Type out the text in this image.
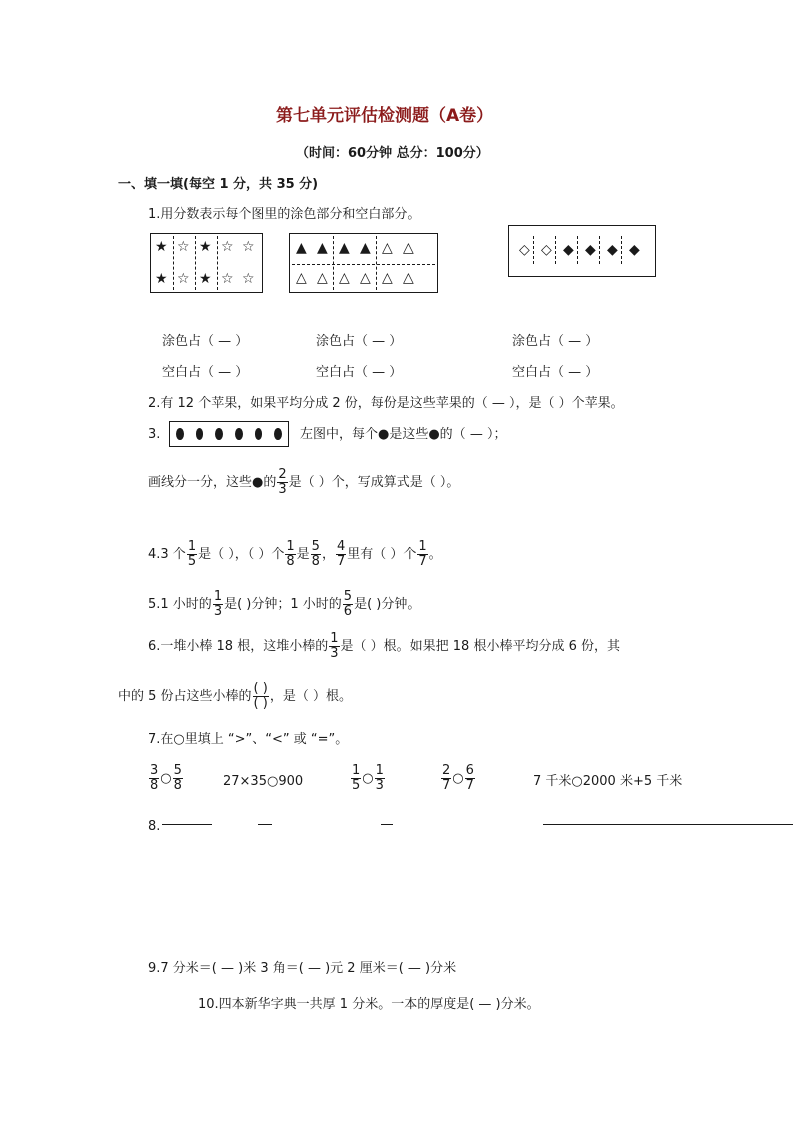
第七单元评估检测题（A卷）
（时间：60分钟 总分：100分）
一、填一填(每空 1 分，共 35 分)
1.用分数表示每个图里的涂色部分和空白部分。
★ ☆ ★ ☆ ☆
★ ☆ ★ ☆ ☆
▲ ▲ ▲ ▲ △ △
△ △ △ △ △ △
◇ ◇ ◆ ◆ ◆ ◆
涂色占（ — ）	涂色占（ — ）	涂色占（ — ）
空白占（ — ）	空白占（ — ）	空白占（ — ）
2.有 12 个苹果，如果平均分成 2 份，每份是这些苹果的（ — ），是（ ）个苹果。
3.	左图中，每个●是这些●的（ — ）；
画线分一分，这些●的 $\frac{2}{3}$ 是（ ）个，写成算式是（ ）。
4.3 个 $\frac{1}{5}$ 是（ ），（ ）个 $\frac{1}{8}$ 是 $\frac{5}{8}$ ， $\frac{4}{7}$ 里有（ ）个 $\frac{1}{7}$ 。
5.1 小时的 $\frac{1}{3}$ 是( )分钟；1 小时的 $\frac{5}{6}$ 是( )分钟。
6.一堆小棒 18 根，这堆小棒的 $\frac{1}{3}$ 是（ ）根。如果把 18 根小棒平均分成 6 份，其
中的 5 份占这些小棒的 $\frac{( )}{( )}$ ，是（ ）根。
7.在○里填上 “>”、“<” 或 “=”。
$\frac{3}{8}$ ○ $\frac{5}{8}$	27×35○900	$\frac{1}{5}$ ○ $\frac{1}{3}$	$\frac{2}{7}$ ○ $\frac{6}{7}$	7 千米○2000 米+5 千米
8.
9.7 分米＝( — )米 3 角＝( — )元 2 厘米＝( — )分米
10.四本新华字典一共厚 1 分米。一本的厚度是( — )分米。
